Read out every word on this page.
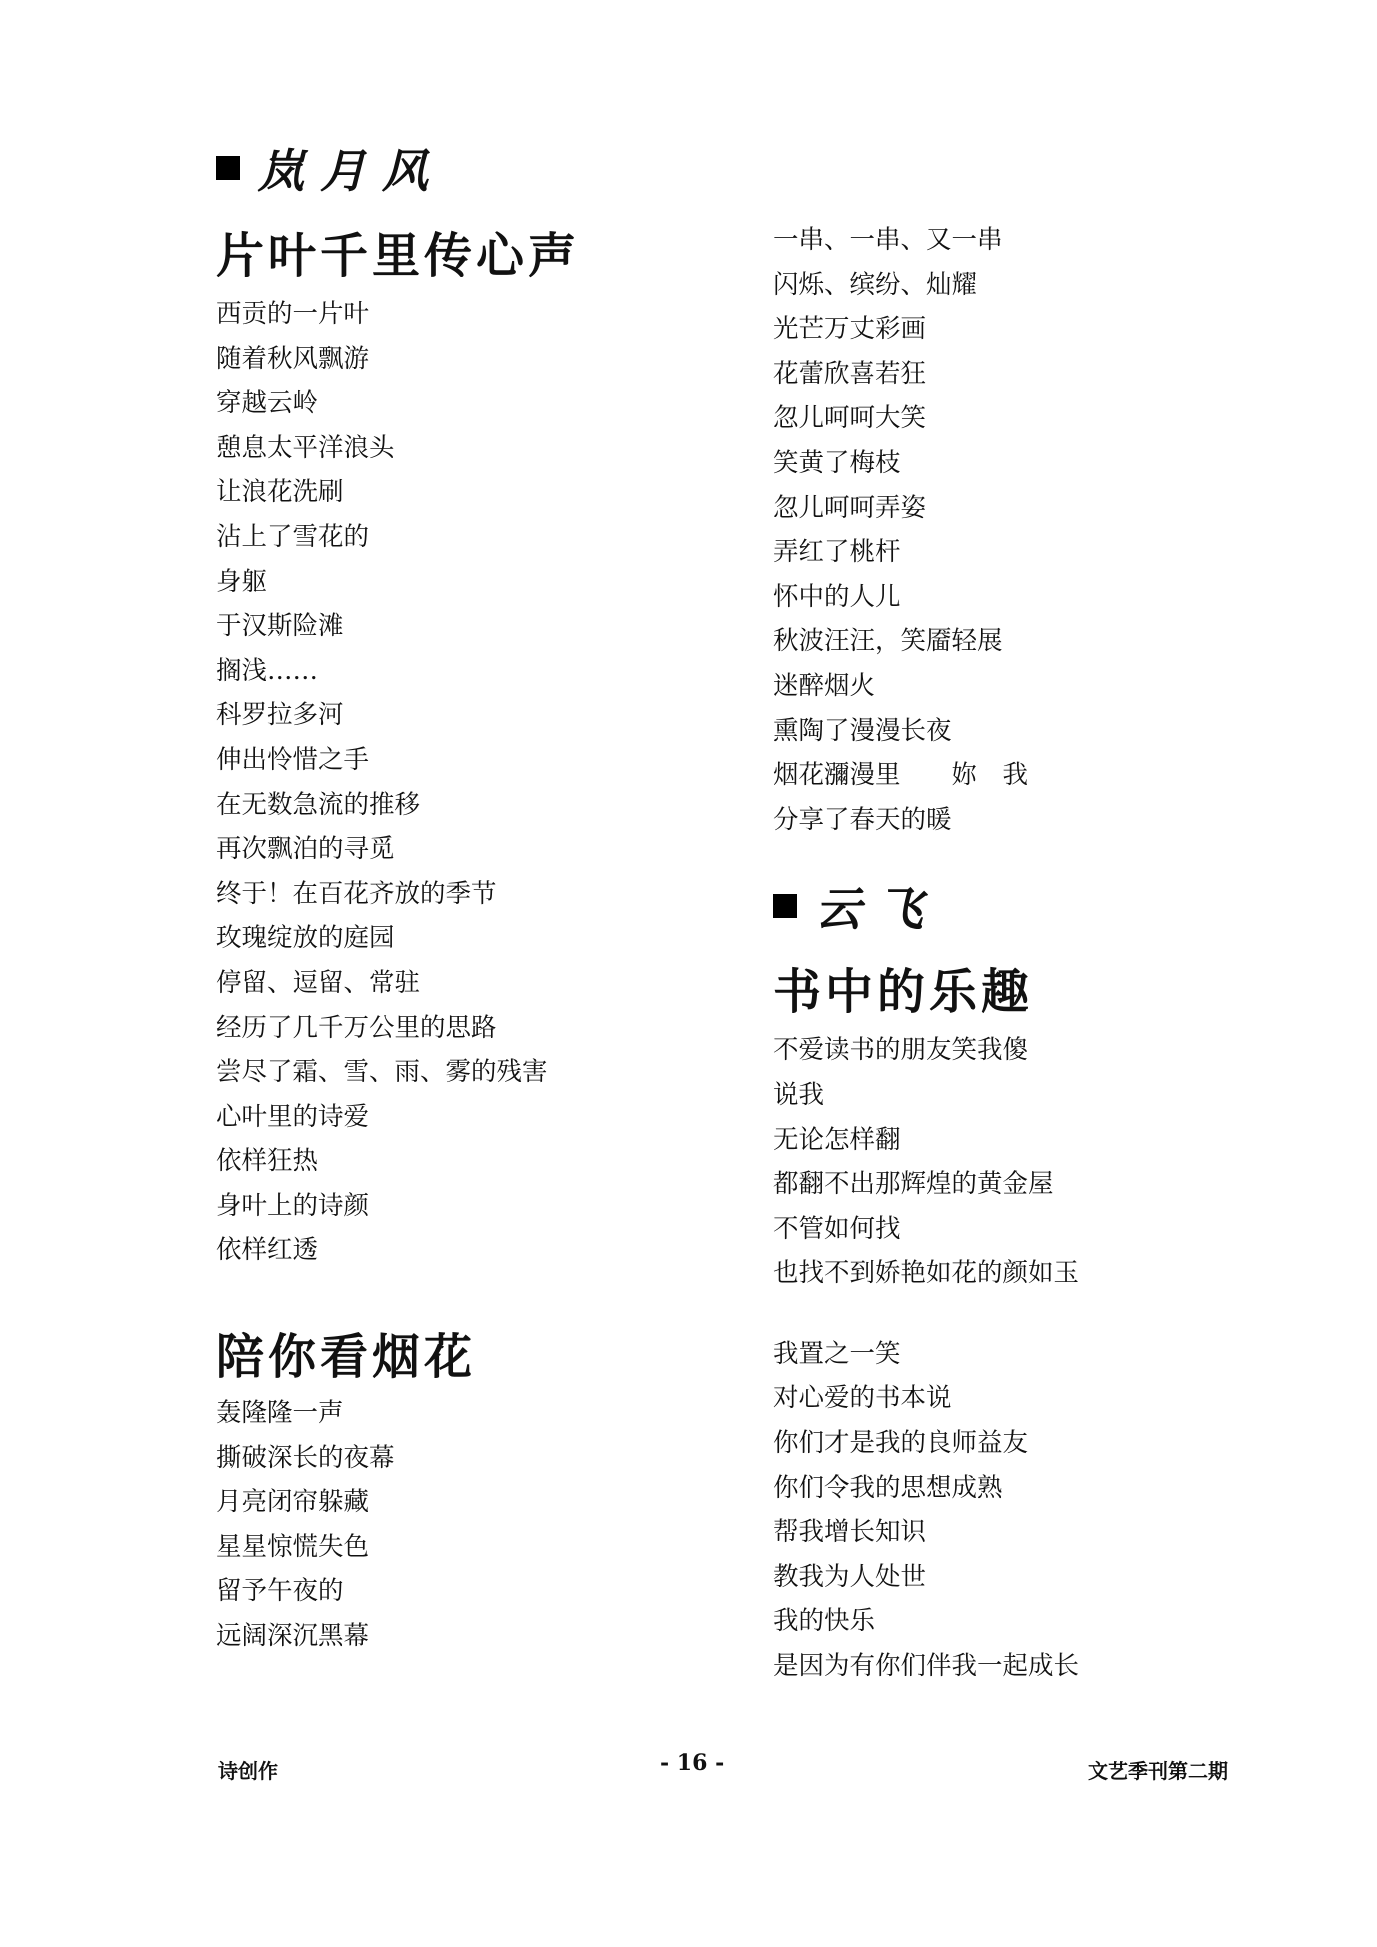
岚月风
片叶千里传心声
西贡的一片叶
随着秋风飘游
穿越云岭
憩息太平洋浪头
让浪花洗刷
沾上了雪花的
身躯
于汉斯险滩
搁浅……
科罗拉多河
伸出怜惜之手
在无数急流的推移
再次飘泊的寻觅
终于！在百花齐放的季节
玫瑰绽放的庭园
停留、逗留、常驻
经历了几千万公里的思路
尝尽了霜、雪、雨、雾的残害
心叶里的诗爱
依样狂热
身叶上的诗颜
依样红透
陪你看烟花
轰隆隆一声
撕破深长的夜幕
月亮闭帘躲藏
星星惊慌失色
留予午夜的
远阔深沉黑幕
一串、一串、又一串
闪烁、缤纷、灿耀
光芒万丈彩画
花蕾欣喜若狂
忽儿呵呵大笑
笑黄了梅枝
忽儿呵呵弄姿
弄红了桃杆
怀中的人儿
秋波汪汪，笑靥轻展
迷醉烟火
熏陶了漫漫长夜
烟花瀰漫里　　妳　我
分享了春天的暖
云飞
书中的乐趣
不爱读书的朋友笑我傻
说我
无论怎样翻
都翻不出那辉煌的黄金屋
不管如何找
也找不到娇艳如花的颜如玉
我置之一笑
对心爱的书本说
你们才是我的良师益友
你们令我的思想成熟
帮我增长知识
教我为人处世
我的快乐
是因为有你们伴我一起成长
诗创作	- 16 -	文艺季刊第二期
